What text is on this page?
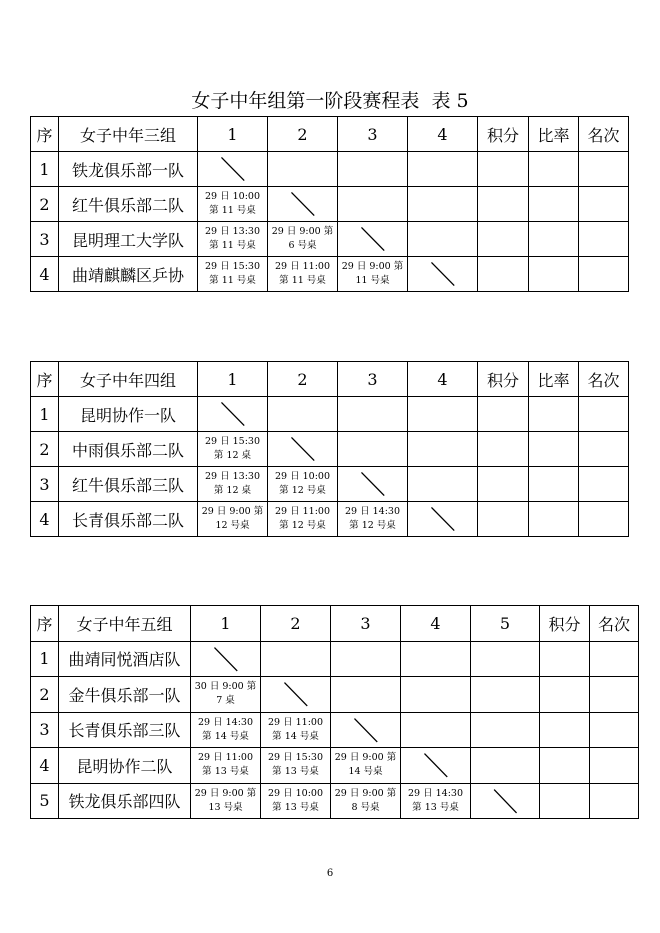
女子中年组第一阶段赛程表  表 5
序	女子中年三组	1	2	3	4	积分	比率	名次
1	铁龙俱乐部一队	

2	红牛俱乐部二队	29 日 10:00
第 11 号桌

3	昆明理工大学队	29 日 13:30
第 11 号桌	29 日 9:00 第
6 号桌

4	曲靖麒麟区乒协	29 日 15:30
第 11 号桌	29 日 11:00
第 11 号桌	29 日 9:00 第
11 号桌

序	女子中年四组	1	2	3	4	积分	比率	名次
1	昆明协作一队	

2	中雨俱乐部二队	29 日 15:30
第 12 桌

3	红牛俱乐部三队	29 日 13:30
第 12 桌	29 日 10:00
第 12 号桌

4	长青俱乐部二队	29 日 9:00 第
12 号桌	29 日 11:00
第 12 号桌	29 日 14:30
第 12 号桌

序	女子中年五组	1	2	3	4	5	积分	名次
1	曲靖同悦酒店队	

2	金牛俱乐部一队	30 日 9:00 第
7 桌

3	长青俱乐部三队	29 日 14:30
第 14 号桌	29 日 11:00
第 14 号桌

4	昆明协作二队	29 日 11:00
第 13 号桌	29 日 15:30
第 13 号桌	29 日 9:00 第
14 号桌

5	铁龙俱乐部四队	29 日 9:00 第
13 号桌	29 日 10:00
第 13 号桌	29 日 9:00 第
8 号桌	29 日 14:30
第 13 号桌

6
